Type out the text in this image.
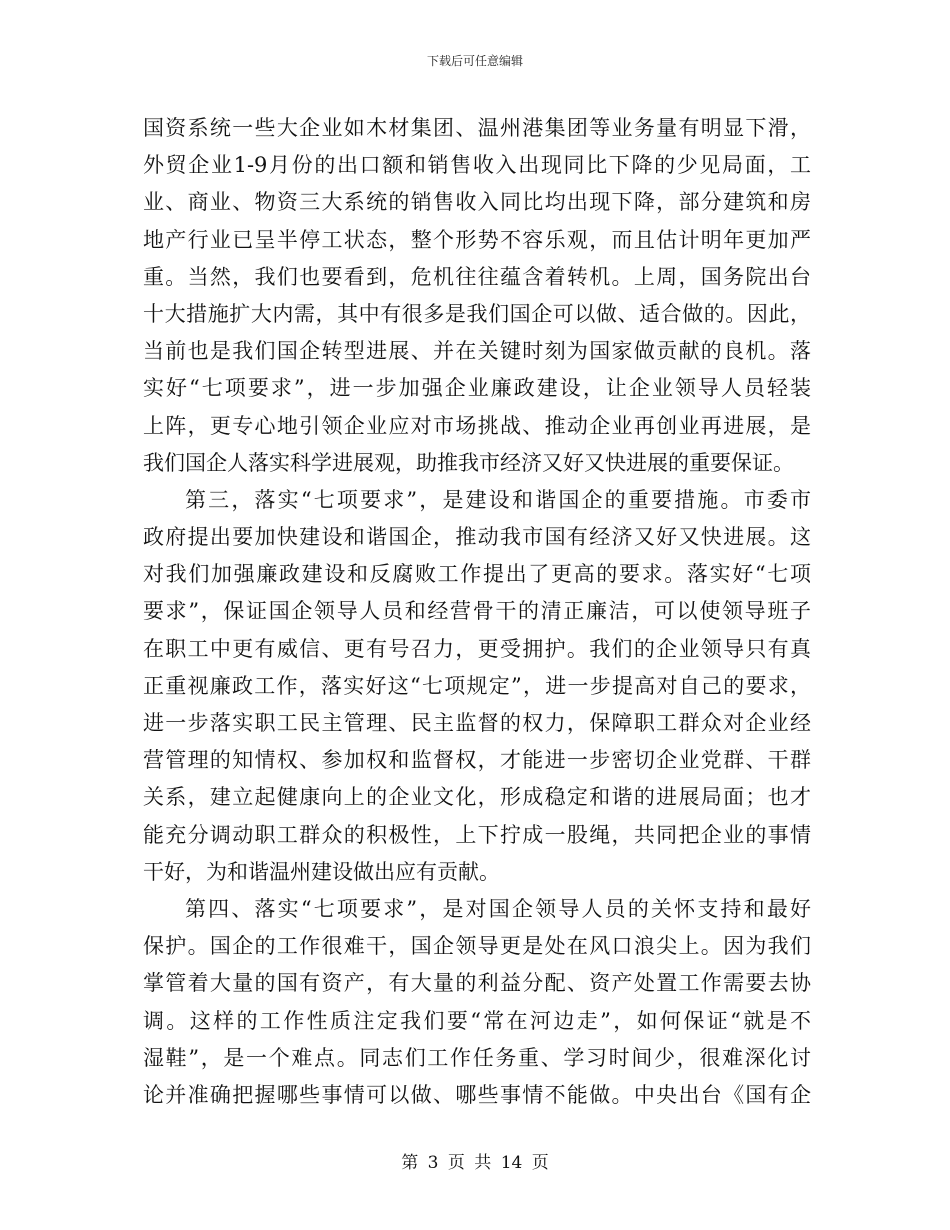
下载后可任意编辑
国资系统一些大企业如木材集团、温州港集团等业务量有明显下滑，
外贸企业1-9月份的出口额和销售收入出现同比下降的少见局面，工
业、商业、物资三大系统的销售收入同比均出现下降，部分建筑和房
地产行业已呈半停工状态，整个形势不容乐观，而且估计明年更加严
重。当然，我们也要看到，危机往往蕴含着转机。上周，国务院出台
十大措施扩大内需，其中有很多是我们国企可以做、适合做的。因此，
当前也是我们国企转型进展、并在关键时刻为国家做贡献的良机。落
实好“七项要求”，进一步加强企业廉政建设，让企业领导人员轻装
上阵，更专心地引领企业应对市场挑战、推动企业再创业再进展，是
我们国企人落实科学进展观，助推我市经济又好又快进展的重要保证。
第三，落实“七项要求”，是建设和谐国企的重要措施。市委市
政府提出要加快建设和谐国企，推动我市国有经济又好又快进展。这
对我们加强廉政建设和反腐败工作提出了更高的要求。落实好“七项
要求”，保证国企领导人员和经营骨干的清正廉洁，可以使领导班子
在职工中更有威信、更有号召力，更受拥护。我们的企业领导只有真
正重视廉政工作，落实好这“七项规定”，进一步提高对自己的要求，
进一步落实职工民主管理、民主监督的权力，保障职工群众对企业经
营管理的知情权、参加权和监督权，才能进一步密切企业党群、干群
关系，建立起健康向上的企业文化，形成稳定和谐的进展局面；也才
能充分调动职工群众的积极性，上下拧成一股绳，共同把企业的事情
干好，为和谐温州建设做出应有贡献。
第四、落实“七项要求”，是对国企领导人员的关怀支持和最好
保护。国企的工作很难干，国企领导更是处在风口浪尖上。因为我们
掌管着大量的国有资产，有大量的利益分配、资产处置工作需要去协
调。这样的工作性质注定我们要“常在河边走”，如何保证“就是不
湿鞋”，是一个难点。同志们工作任务重、学习时间少，很难深化讨
论并准确把握哪些事情可以做、哪些事情不能做。中央出台《国有企
第 3 页 共 14 页
